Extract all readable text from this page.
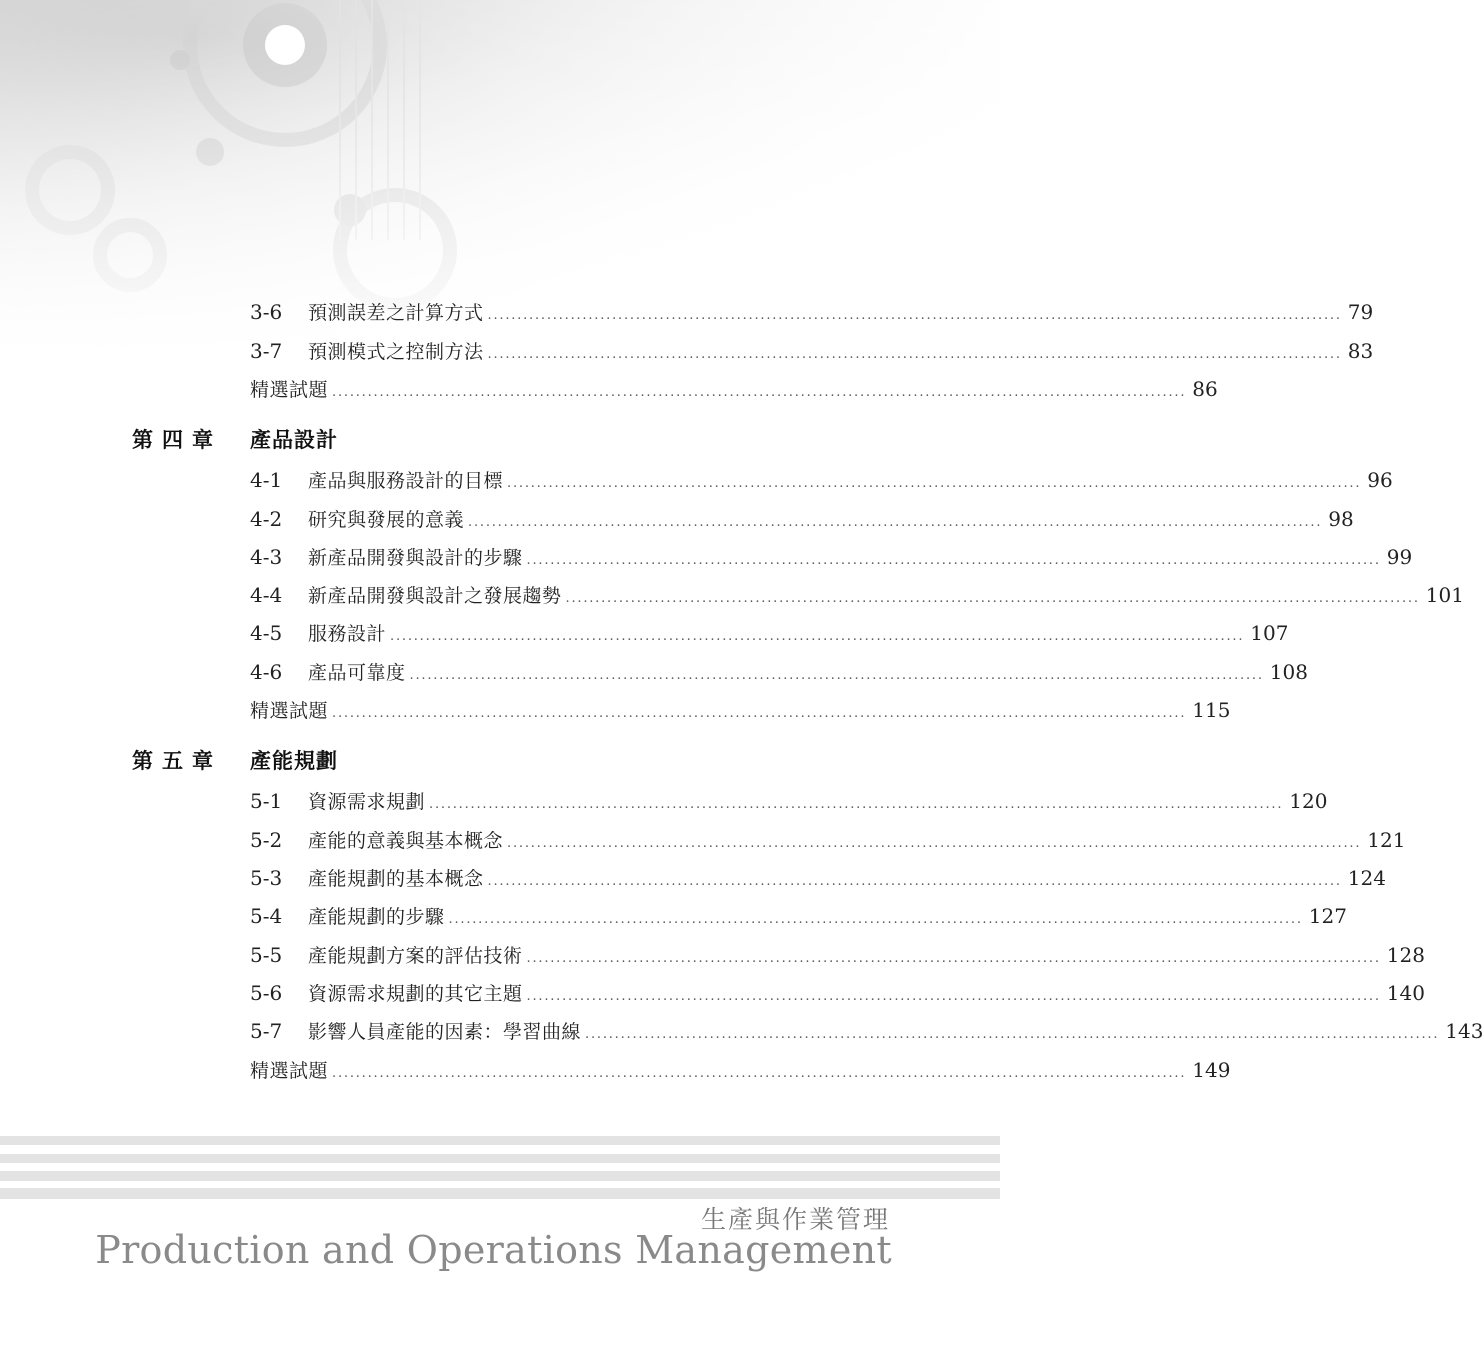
3-6	預測誤差之計算方式 ................................................................................................................................................ 79
3-7	預測模式之控制方法 ................................................................................................................................................ 83
精選試題 ................................................................................................................................................ 86
第四章	產品設計
4-1	產品與服務設計的目標 ................................................................................................................................................ 96
4-2	研究與發展的意義 ................................................................................................................................................ 98
4-3	新產品開發與設計的步驟 ................................................................................................................................................ 99
4-4	新產品開發與設計之發展趨勢 ................................................................................................................................................ 101
4-5	服務設計 ................................................................................................................................................ 107
4-6	產品可靠度 ................................................................................................................................................ 108
精選試題 ................................................................................................................................................ 115
第五章	產能規劃
5-1	資源需求規劃 ................................................................................................................................................ 120
5-2	產能的意義與基本概念 ................................................................................................................................................ 121
5-3	產能規劃的基本概念 ................................................................................................................................................ 124
5-4	產能規劃的步驟 ................................................................................................................................................ 127
5-5	產能規劃方案的評估技術 ................................................................................................................................................ 128
5-6	資源需求規劃的其它主題 ................................................................................................................................................ 140
5-7	影響人員產能的因素：學習曲線 ................................................................................................................................................ 143
精選試題 ................................................................................................................................................ 149
生產與作業管理
Production and Operations Management
